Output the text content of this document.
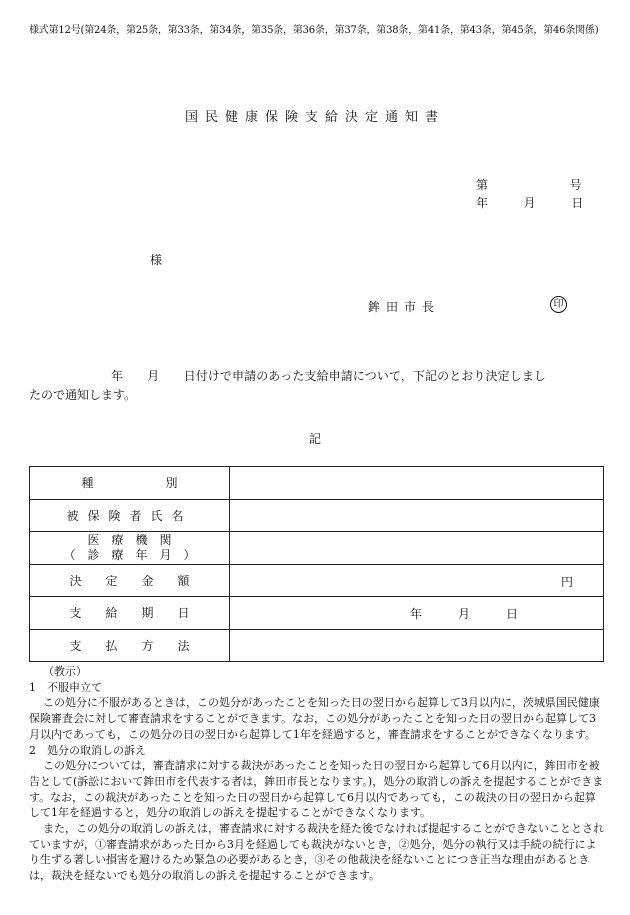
様式第12号(第24条，第25条，第33条，第34条，第35条，第36条，第37条，第38条，第41条，第43条，第45条，第46条関係)
国民健康保険支給決定通知書
第	号
年	月	日
様
鉾田市長	印

年　　月　　日付けで申請のあった支給申請について，下記のとおり決定しまし

たので通知します。

記
種　　　　　　別	
被保険者氏名	

医　療　機　関
（　診　療　年　月　）	

決　　定　　金　　額	円

支　　給　　期　　日	年　　　月　　　日

支　　払　　方　　法	

（教示）

1　不服申立て

この処分に不服があるときは，この処分があったことを知った日の翌日から起算して3月以内に，茨城県国民健康保険審査会に対して審査請求をすることができます。なお，この処分があったことを知った日の翌日から起算して3月以内であっても，この処分の日の翌日から起算して1年を経過すると，審査請求をすることができなくなります。

2　処分の取消しの訴え

この処分については，審査請求に対する裁決があったことを知った日の翌日から起算して6月以内に，鉾田市を被告として(訴訟において鉾田市を代表する者は，鉾田市長となります。)，処分の取消しの訴えを提起することができます。なお，この裁決があったことを知った日の翌日から起算して6月以内であっても，この裁決の日の翌日から起算して1年を経過すると，処分の取消しの訴えを提起することができなくなります。

また，この処分の取消しの訴えは，審査請求に対する裁決を経た後でなければ提起することができないこととされていますが，①審査請求があった日から3月を経過しても裁決がないとき，②処分，処分の執行又は手続の続行により生ずる著しい損害を避けるため緊急の必要があるとき，③その他裁決を経ないことにつき正当な理由があるときは，裁決を経ないでも処分の取消しの訴えを提起することができます。
